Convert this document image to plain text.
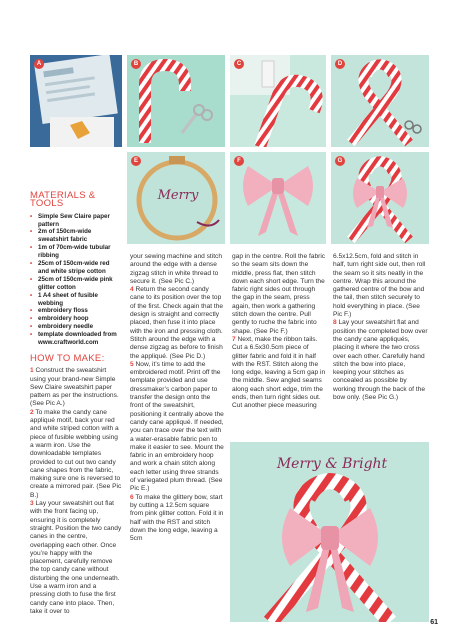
A	B	C	D
Merry
E	F	G
Merry & Bright
MATERIALS & TOOLS
• Simple Sew Claire paper pattern
• 2m of 150cm-wide sweatshirt fabric
• 1m of 70cm-wide tubular ribbing
• 25cm of 150cm-wide red and white stripe cotton
• 25cm of 150cm-wide pink glitter cotton
• 1 A4 sheet of fusible webbing
• embroidery floss
• embroidery hoop
• embroidery needle
• template downloaded from www.craftworld.com
HOW TO MAKE:

1 Construct the sweatshirt using your brand-new Simple Sew Claire sweatshirt paper pattern as per the instructions. (See Pic A.)

2 To make the candy cane appliqué motif, back your red and white striped cotton with a piece of fusible webbing using a warm iron. Use the downloadable templates provided to cut out two candy cane shapes from the fabric, making sure one is reversed to create a mirrored pair. (See Pic B.)

3 Lay your sweatshirt out flat with the front facing up, ensuring it is completely straight. Position the two candy canes in the centre, overlapping each other. Once you’re happy with the placement, carefully remove the top candy cane without disturbing the one underneath. Use a warm iron and a pressing cloth to fuse the first candy cane into place. Then, take it over to

your sewing machine and stitch around the edge with a dense zigzag stitch in white thread to secure it. (See Pic C.)

4 Return the second candy cane to its position over the top of the first. Check again that the design is straight and correctly placed, then fuse it into place with the iron and pressing cloth. Stitch around the edge with a dense zigzag as before to finish the appliqué. (See Pic D.)

5 Now, it’s time to add the embroidered motif. Print off the template provided and use dressmaker’s carbon paper to transfer the design onto the front of the sweatshirt, positioning it centrally above the candy cane appliqué. If needed, you can trace over the text with a water-erasable fabric pen to make it easier to see. Mount the fabric in an embroidery hoop and work a chain stitch along each letter using three strands of variegated plum thread. (See Pic E.)

6 To make the glittery bow, start by cutting a 12.5cm square from pink glitter cotton. Fold it in half with the RST and stitch down the long edge, leaving a 5cm

gap in the centre. Roll the fabric so the seam sits down the middle, press flat, then stitch down each short edge. Turn the fabric right sides out through the gap in the seam, press again, then work a gathering stitch down the centre. Pull gently to ruche the fabric into shape. (See Pic F.)

7 Next, make the ribbon tails. Cut a 6.5x30.5cm piece of glitter fabric and fold it in half with the RST. Stitch along the long edge, leaving a 5cm gap in the middle. Sew angled seams along each short edge, trim the ends, then turn right sides out. Cut another piece measuring

6.5x12.5cm, fold and stitch in half, turn right side out, then roll the seam so it sits neatly in the centre. Wrap this around the gathered centre of the bow and the tail, then stitch securely to hold everything in place. (See Pic F.)

8 Lay your sweatshirt flat and position the completed bow over the candy cane appliqués, placing it where the two cross over each other. Carefully hand stitch the bow into place, keeping your stitches as concealed as possible by working through the back of the bow only. (See Pic G.)

61
